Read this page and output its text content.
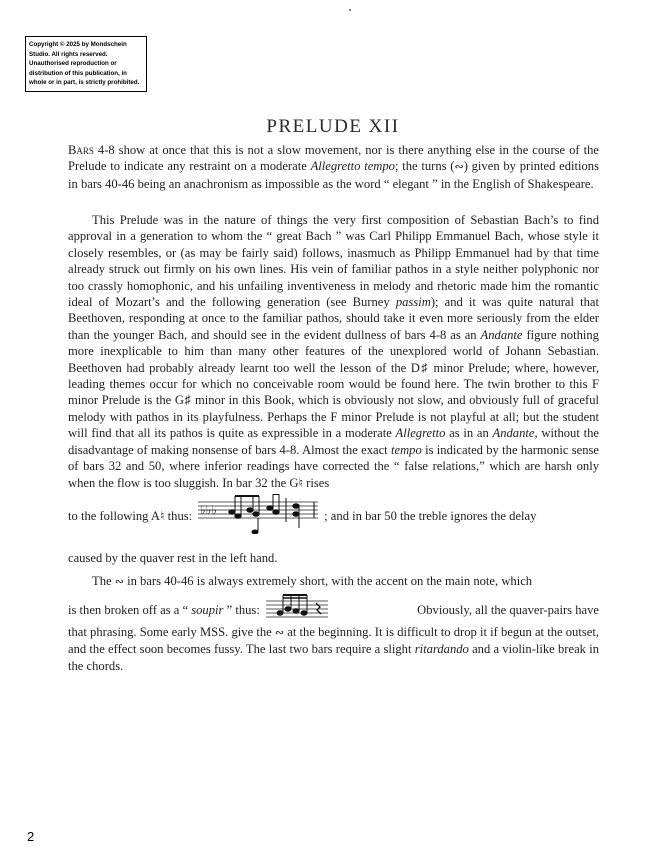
Copyright © 2025 by Mondschein Studio. All rights reserved. Unauthorised reproduction or distribution of this publication, in whole or in part, is strictly prohibited.
PRELUDE XII
Bars 4-8 show at once that this is not a slow movement, nor is there anything else in the course of the Prelude to indicate any restraint on a moderate Allegretto tempo; the turns (∾) given by printed editions in bars 40-46 being an anachronism as impossible as the word “ elegant ” in the English of Shakespeare.
This Prelude was in the nature of things the very first composition of Sebastian Bach’s to find approval in a generation to whom the “ great Bach ” was Carl Philipp Emmanuel Bach, whose style it closely resembles, or (as may be fairly said) follows, inasmuch as Philipp Emmanuel had by that time already struck out firmly on his own lines. His vein of familiar pathos in a style neither polyphonic nor too crassly homophonic, and his unfailing inventiveness in melody and rhetoric made him the romantic ideal of Mozart’s and the following generation (see Burney passim); and it was quite natural that Beethoven, responding at once to the familiar pathos, should take it even more seriously from the elder than the younger Bach, and should see in the evident dullness of bars 4-8 as an Andante figure nothing more inexplicable to him than many other features of the unexplored world of Johann Sebastian. Beethoven had probably already learnt too well the lesson of the D♯ minor Prelude; where, however, leading themes occur for which no conceivable room would be found here. The twin brother to this F minor Prelude is the G♯ minor in this Book, which is obviously not slow, and obviously full of graceful melody with pathos in its playfulness. Perhaps the F minor Prelude is not playful at all; but the student will find that all its pathos is quite as expressible in a moderate Allegretto as in an Andante, without the disadvantage of making nonsense of bars 4-8. Almost the exact tempo is indicated by the harmonic sense of bars 32 and 50, where inferior readings have corrected the “ false relations,” which are harsh only when the flow is too sluggish. In bar 32 the G♮ rises
to the following A♮ thus: ♭♭♭	; and in bar 50 the treble ignores the delay
caused by the quaver rest in the left hand.
The ∾ in bars 40-46 is always extremely short, with the accent on the main note, which
is then broken off as a “ soupir ” thus:	Obviously, all the quaver-pairs have
that phrasing. Some early MSS. give the ∾ at the beginning. It is difficult to drop it if begun at the outset, and the effect soon becomes fussy. The last two bars require a slight ritardando and a violin-like break in the chords.
2
